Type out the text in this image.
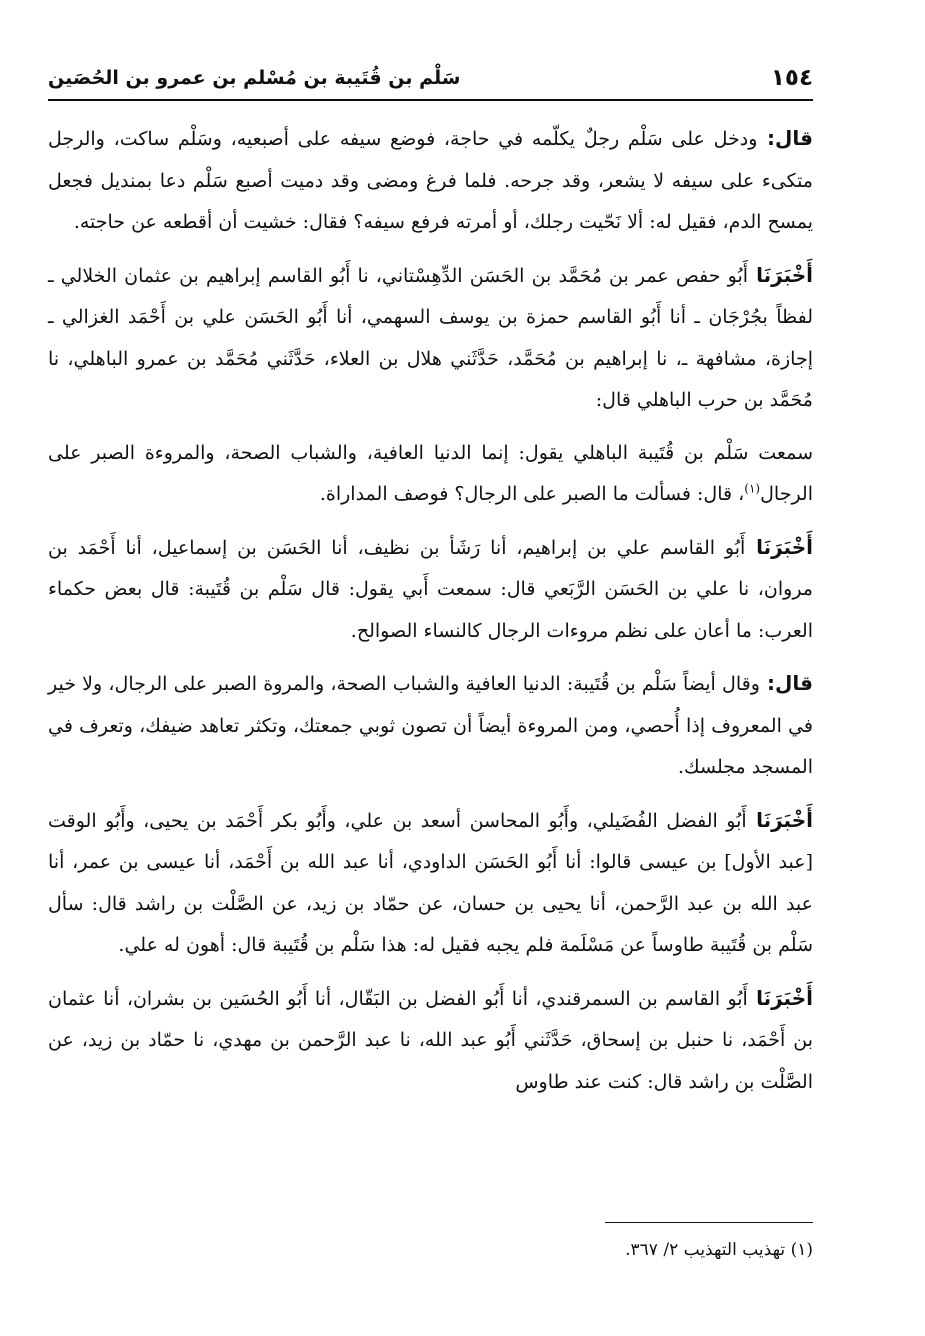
١٥٤
سَلْم بن قُتَيبة بن مُسْلم بن عمرو بن الحُصَين

قال:ودخل على سَلْم رجلٌ يكلّمه في حاجة، فوضع سيفه على أصبعيه، وسَلْم ساكت، والرجل متكىء على سيفه لا يشعر، وقد جرحه. فلما فرغ ومضى وقد دميت أصبع سَلْم دعا بمنديل فجعل يمسح الدم، فقيل له: ألا نَحّيت رجلك، أو أمرته فرفع سيفه؟ فقال: خشيت أن أقطعه عن حاجته.

أَخْبَرَنَاأَبُو حفص عمر بن مُحَمَّد بن الحَسَن الدِّهِسْتاني، نا أَبُو القاسم إبراهيم بن عثمان الخلالي ـ لفظاً بجُرْجَان ـ أنا أَبُو القاسم حمزة بن يوسف السهمي، أنا أَبُو الحَسَن علي بن أَحْمَد الغزالي ـ إجازة، مشافهة ـ، نا إبراهيم بن مُحَمَّد، حَدَّثَني هلال بن العلاء، حَدَّثَني مُحَمَّد بن عمرو الباهلي، نا مُحَمَّد بن حرب الباهلي قال:

سمعت سَلْم بن قُتَيبة الباهلي يقول: إنما الدنيا العافية، والشباب الصحة، والمروءة الصبر على الرجال$^{(١)}$، قال: فسألت ما الصبر على الرجال؟ فوصف المداراة.

أَخْبَرَنَاأَبُو القاسم علي بن إبراهيم، أنا رَشَأ بن نظيف، أنا الحَسَن بن إسماعيل، أنا أَحْمَد بن مروان، نا علي بن الحَسَن الرَّبَعي قال: سمعت أَبي يقول: قال سَلْم بن قُتَيبة: قال بعض حكماء العرب: ما أعان على نظم مروءات الرجال كالنساء الصوالح.

قال:وقال أيضاً سَلْم بن قُتَيبة: الدنيا العافية والشباب الصحة، والمروة الصبر على الرجال، ولا خير في المعروف إذا أُحصي، ومن المروءة أيضاً أن تصون ثوبي جمعتك، وتكثر تعاهد ضيفك، وتعرف في المسجد مجلسك.

أَخْبَرَنَاأَبُو الفضل الفُضَيلي، وأَبُو المحاسن أسعد بن علي، وأَبُو بكر أَحْمَد بن يحيى، وأَبُو الوقت [عبد الأول] بن عيسى قالوا: أنا أَبُو الحَسَن الداودي، أنا عبد الله بن أَحْمَد، أنا عيسى بن عمر، أنا عبد الله بن عبد الرَّحمن، أنا يحيى بن حسان، عن حمّاد بن زيد، عن الصَّلْت بن راشد قال: سأل سَلْم بن قُتَيبة طاوساً عن مَسْلَمة فلم يجبه فقيل له: هذا سَلْم بن قُتَيبة قال: أهون له علي.

أَخْبَرَنَاأَبُو القاسم بن السمرقندي، أنا أَبُو الفضل بن البَقّال، أنا أَبُو الحُسَين بن بشران، أنا عثمان بن أَحْمَد، نا حنبل بن إسحاق، حَدَّثَني أَبُو عبد الله، نا عبد الرَّحمن بن مهدي، نا حمّاد بن زيد، عن الصَّلْت بن راشد قال: كنت عند طاوس

(١) تهذيب التهذيب ٢/ ٣٦٧.
